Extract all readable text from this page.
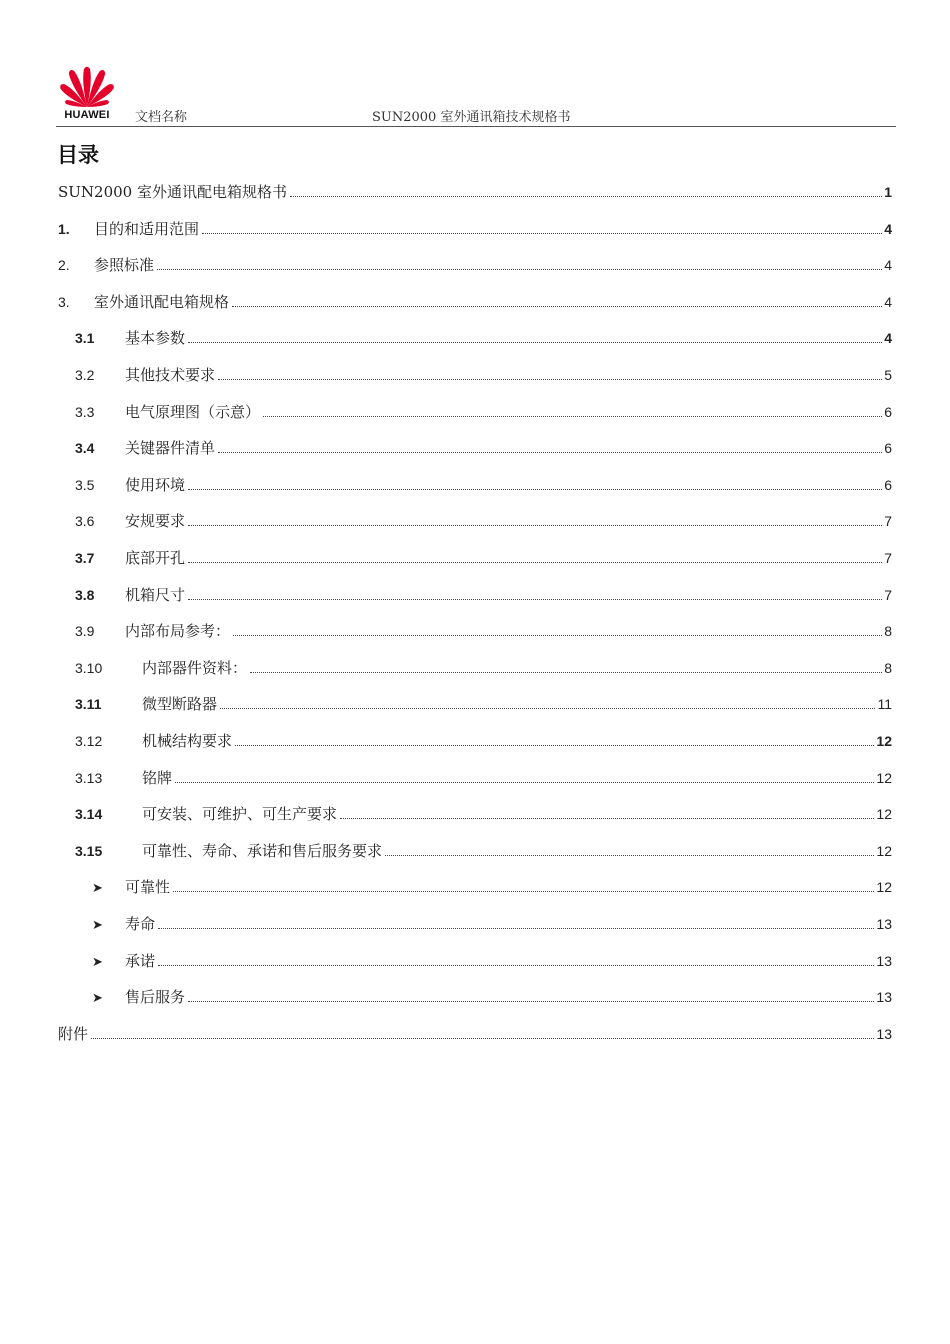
HUAWEI	文档名称	SUN2000 室外通讯箱技术规格书
目录
SUN2000 室外通讯配电箱规格书	1
1.	目的和适用范围	4
2.	参照标准	4
3.	室外通讯配电箱规格	4
3.1	基本参数	4
3.2	其他技术要求	5
3.3	电气原理图（示意）	6
3.4	关键器件清单	6
3.5	使用环境	6
3.6	安规要求	7
3.7	底部开孔	7
3.8	机箱尺寸	7
3.9	内部布局参考：	8
3.10	内部器件资料：	8
3.11	微型断路器	11
3.12	机械结构要求	12
3.13	铭牌	12
3.14	可安装、可维护、可生产要求	12
3.15	可靠性、寿命、承诺和售后服务要求	12
➤	可靠性	12
➤	寿命	13
➤	承诺	13
➤	售后服务	13
附件	13
